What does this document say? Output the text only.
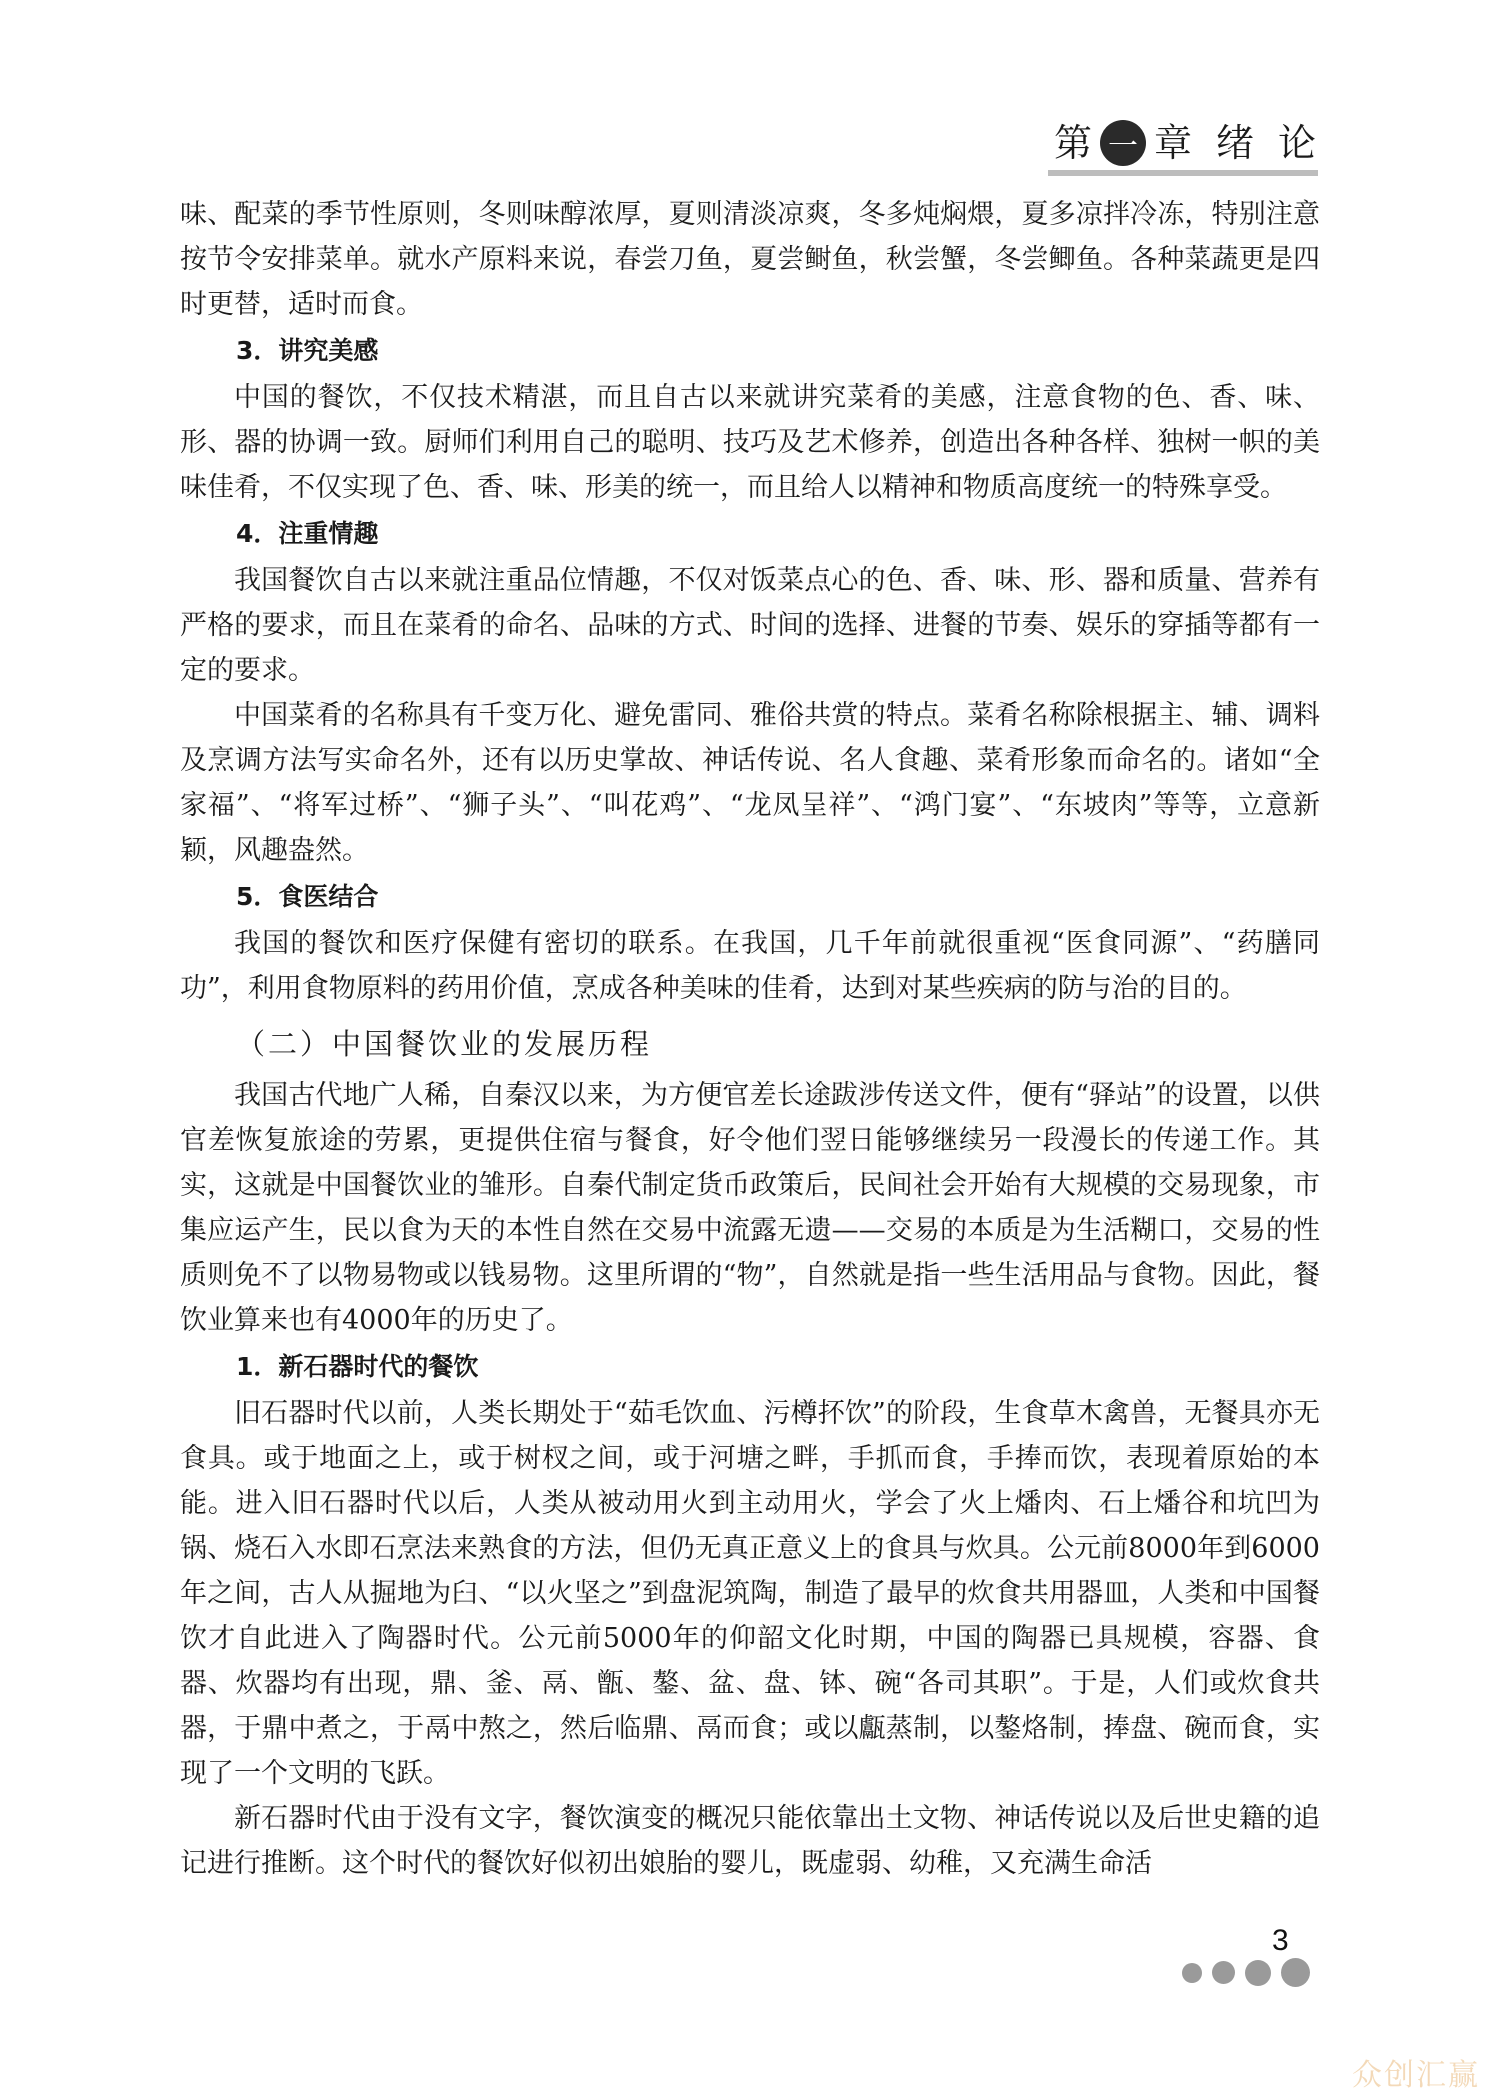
第 一 章 绪 论

味、配菜的季节性原则，冬则味醇浓厚，夏则清淡凉爽，冬多炖焖煨，夏多凉拌冷冻，特别注意按节令安排菜单。就水产原料来说，春尝刀鱼，夏尝鲥鱼，秋尝蟹，冬尝鲫鱼。各种菜蔬更是四时更替，适时而食。

3．讲究美感

中国的餐饮，不仅技术精湛，而且自古以来就讲究菜肴的美感，注意食物的色、香、味、形、器的协调一致。厨师们利用自己的聪明、技巧及艺术修养，创造出各种各样、独树一帜的美味佳肴，不仅实现了色、香、味、形美的统一，而且给人以精神和物质高度统一的特殊享受。

4．注重情趣

我国餐饮自古以来就注重品位情趣，不仅对饭菜点心的色、香、味、形、器和质量、营养有严格的要求，而且在菜肴的命名、品味的方式、时间的选择、进餐的节奏、娱乐的穿插等都有一定的要求。

中国菜肴的名称具有千变万化、避免雷同、雅俗共赏的特点。菜肴名称除根据主、辅、调料及烹调方法写实命名外，还有以历史掌故、神话传说、名人食趣、菜肴形象而命名的。诸如“全家福”、“将军过桥”、“狮子头”、“叫花鸡”、“龙凤呈祥”、“鸿门宴”、“东坡肉”等等，立意新颖，风趣盎然。

5．食医结合

我国的餐饮和医疗保健有密切的联系。在我国，几千年前就很重视“医食同源”、“药膳同功”，利用食物原料的药用价值，烹成各种美味的佳肴，达到对某些疾病的防与治的目的。

（二）中国餐饮业的发展历程

我国古代地广人稀，自秦汉以来，为方便官差长途跋涉传送文件，便有“驿站”的设置，以供官差恢复旅途的劳累，更提供住宿与餐食，好令他们翌日能够继续另一段漫长的传递工作。其实，这就是中国餐饮业的雏形。自秦代制定货币政策后，民间社会开始有大规模的交易现象，市集应运产生，民以食为天的本性自然在交易中流露无遗——交易的本质是为生活糊口，交易的性质则免不了以物易物或以钱易物。这里所谓的“物”，自然就是指一些生活用品与食物。因此，餐饮业算来也有4000年的历史了。

1．新石器时代的餐饮

旧石器时代以前，人类长期处于“茹毛饮血、污樽抔饮”的阶段，生食草木禽兽，无餐具亦无食具。或于地面之上，或于树杈之间，或于河塘之畔，手抓而食，手捧而饮，表现着原始的本能。进入旧石器时代以后，人类从被动用火到主动用火，学会了火上燔肉、石上燔谷和坑凹为锅、烧石入水即石烹法来熟食的方法，但仍无真正意义上的食具与炊具。公元前8000年到6000年之间，古人从掘地为臼、“以火坚之”到盘泥筑陶，制造了最早的炊食共用器皿，人类和中国餐饮才自此进入了陶器时代。公元前5000年的仰韶文化时期，中国的陶器已具规模，容器、食器、炊器均有出现，鼎、釜、鬲、甑、鏊、盆、盘、钵、碗“各司其职”。于是，人们或炊食共器，于鼎中煮之，于鬲中熬之，然后临鼎、鬲而食；或以甗蒸制，以鏊烙制，捧盘、碗而食，实现了一个文明的飞跃。

新石器时代由于没有文字，餐饮演变的概况只能依靠出土文物、神话传说以及后世史籍的追记进行推断。这个时代的餐饮好似初出娘胎的婴儿，既虚弱、幼稚，又充满生命活

3
众创汇赢
